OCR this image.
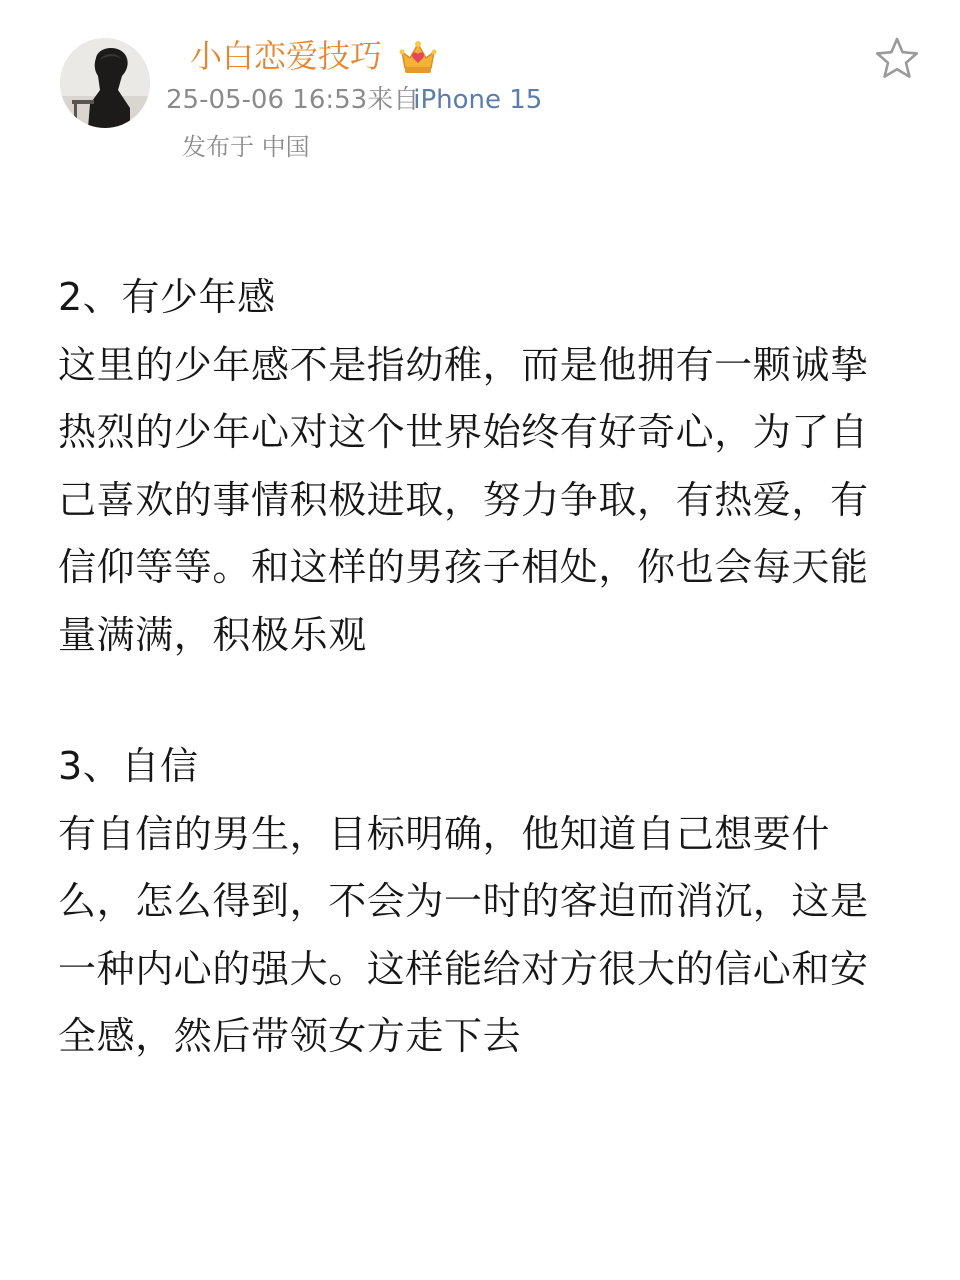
小白恋爱技巧
25-05-06 16:53来自iPhone 15
发布于 中国

2、有少年感

这里的少年感不是指幼稚，而是他拥有一颗诚挚热烈的少年心对这个世界始终有好奇心，为了自己喜欢的事情积极进取，努力争取，有热爱，有信仰等等。和这样的男孩子相处，你也会每天能量满满，积极乐观

3、自信

有自信的男生，目标明确，他知道自己想要什么，怎么得到，不会为一时的客迫而消沉，这是一种内心的强大。这样能给对方很大的信心和安全感，然后带领女方走下去
